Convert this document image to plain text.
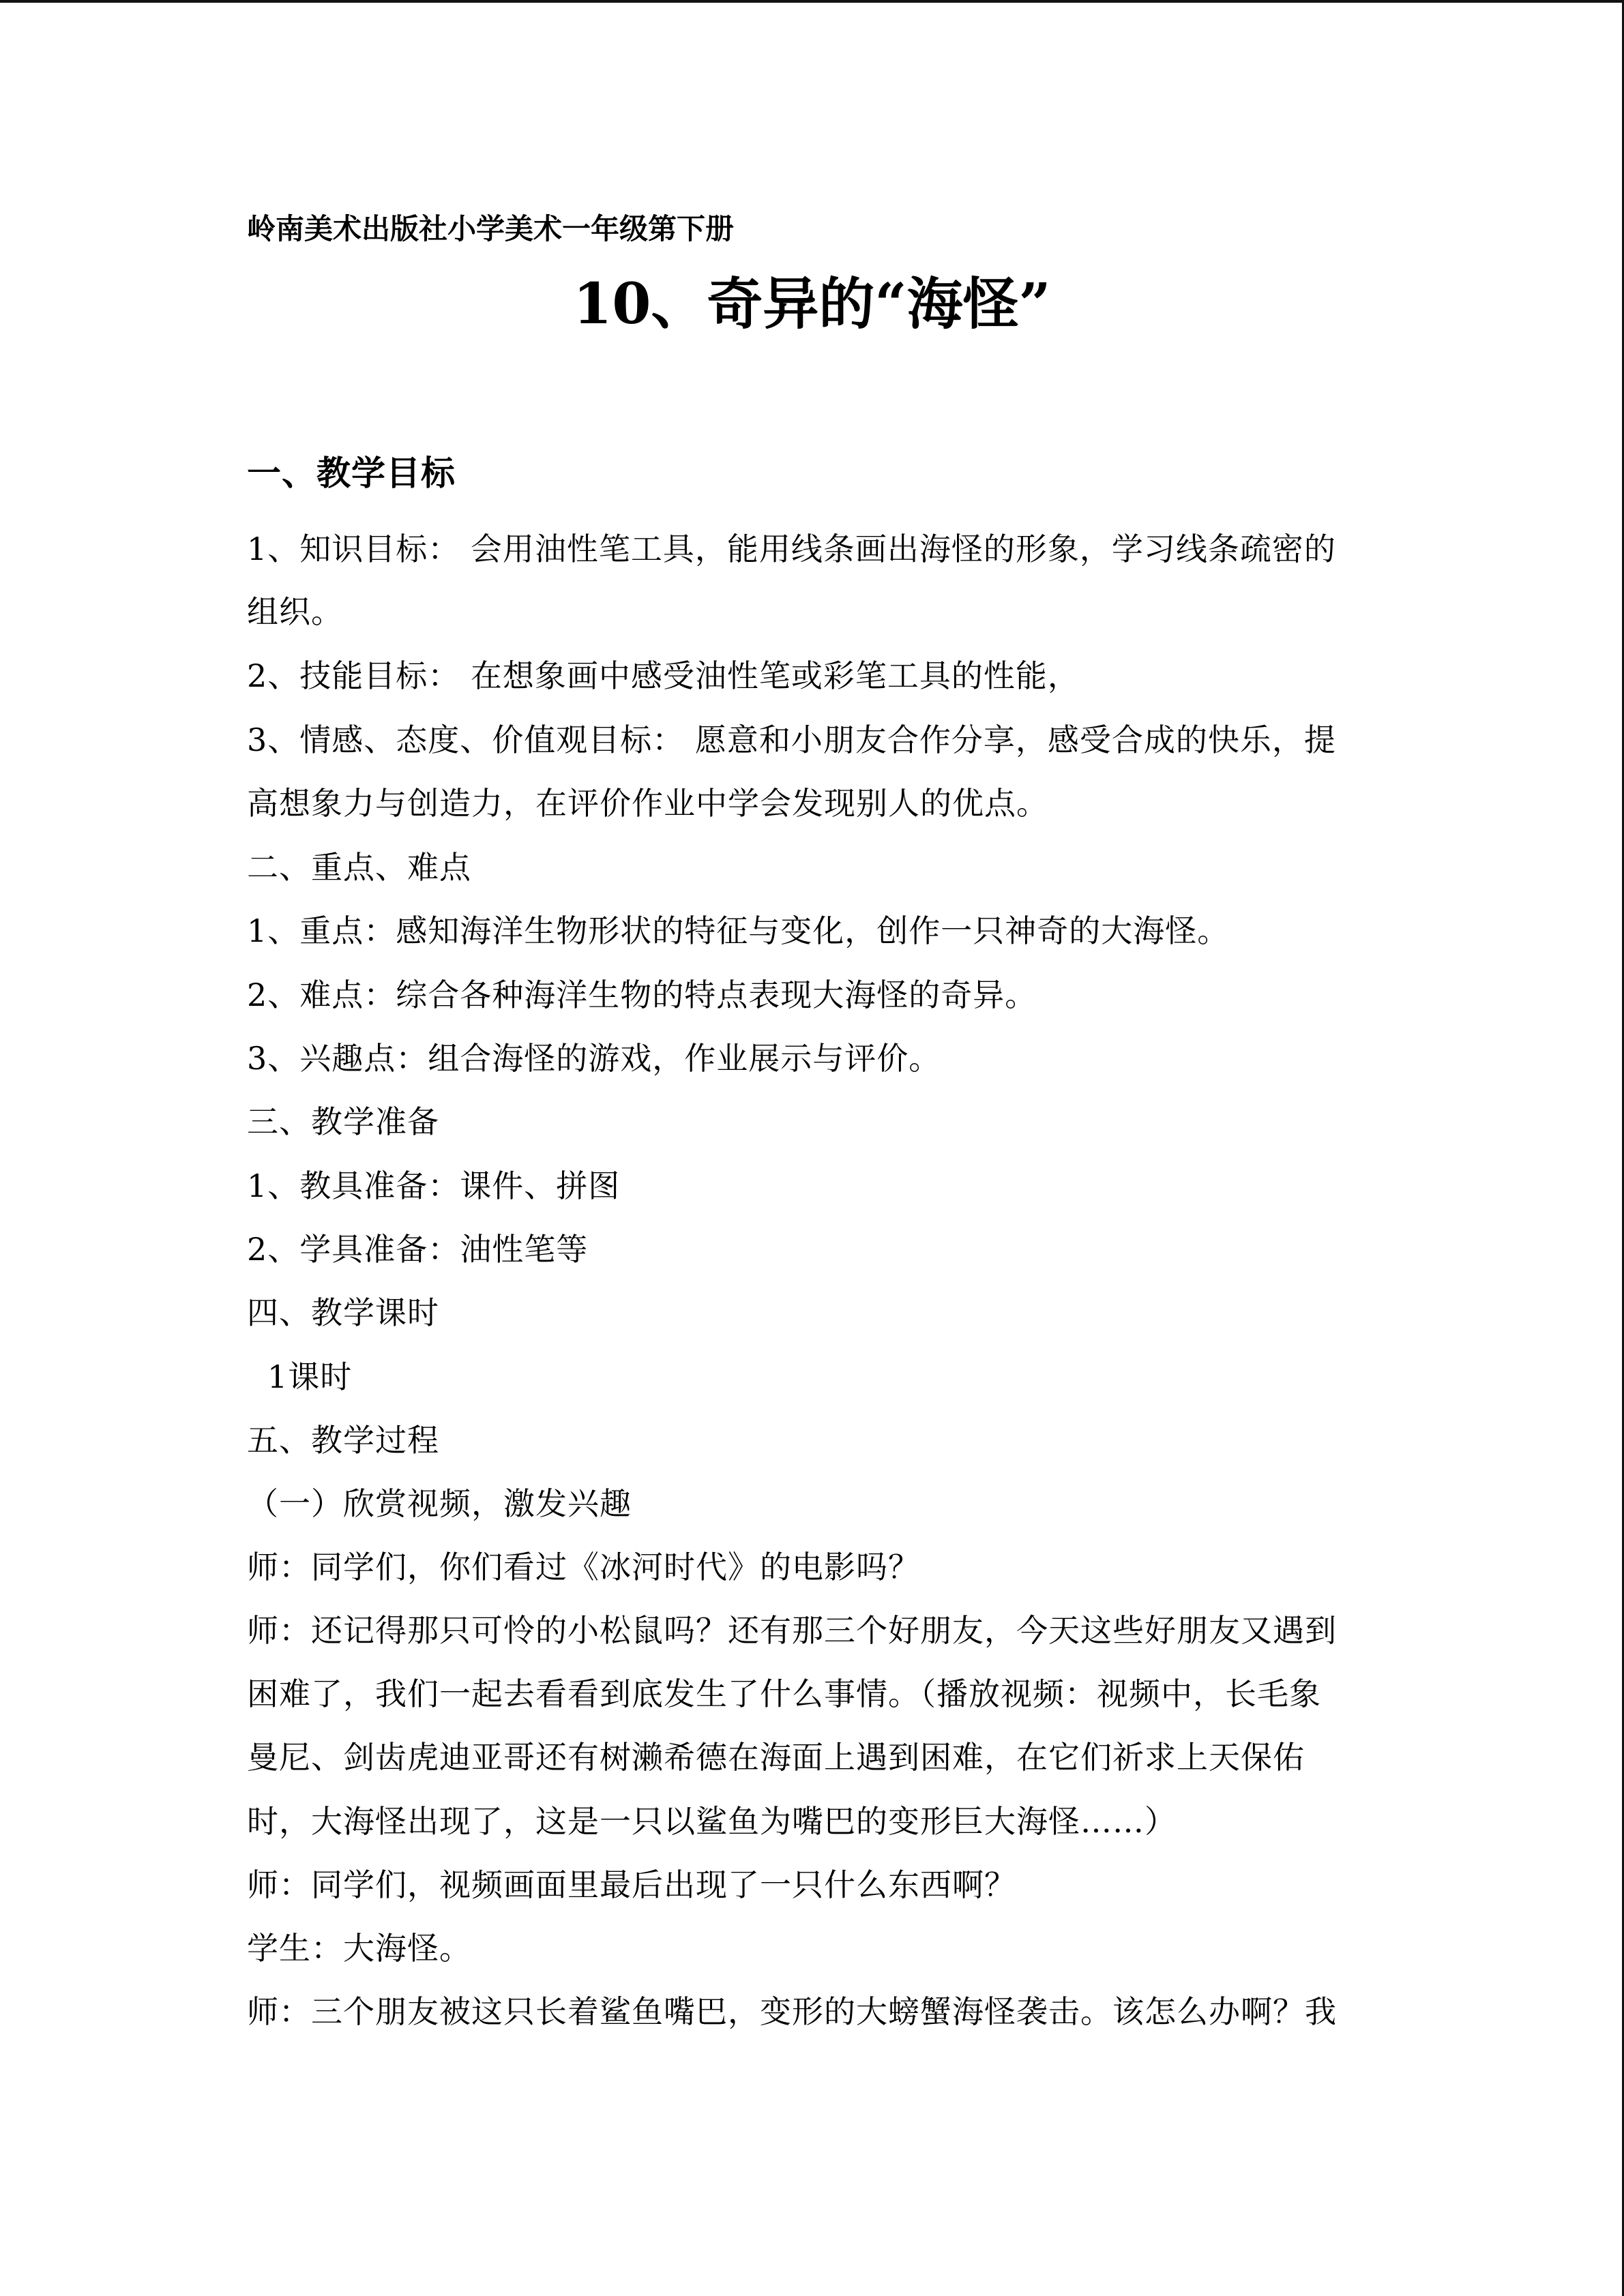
岭南美术出版社小学美术一年级第下册
10、奇异的“海怪”
一、教学目标
1、知识目标： 会用油性笔工具，能用线条画出海怪的形象，学习线条疏密的
组织。
2、技能目标： 在想象画中感受油性笔或彩笔工具的性能，
3、情感、态度、价值观目标： 愿意和小朋友合作分享，感受合成的快乐，提
高想象力与创造力，在评价作业中学会发现别人的优点。
二、重点、难点
1、重点：感知海洋生物形状的特征与变化，创作一只神奇的大海怪。
2、难点：综合各种海洋生物的特点表现大海怪的奇异。
3、兴趣点：组合海怪的游戏，作业展示与评价。
三、教学准备
1、教具准备：课件、拼图
2、学具准备：油性笔等
四、教学课时
1课时
五、教学过程
（一）欣赏视频，激发兴趣
师：同学们，你们看过《冰河时代》的电影吗？
师：还记得那只可怜的小松鼠吗？还有那三个好朋友，今天这些好朋友又遇到
困难了，我们一起去看看到底发生了什么事情。（播放视频：视频中，长毛象
曼尼、剑齿虎迪亚哥还有树濑希德在海面上遇到困难，在它们祈求上天保佑
时，大海怪出现了，这是一只以鲨鱼为嘴巴的变形巨大海怪……）
师：同学们，视频画面里最后出现了一只什么东西啊？
学生：大海怪。
师：三个朋友被这只长着鲨鱼嘴巴，变形的大螃蟹海怪袭击。该怎么办啊？我
